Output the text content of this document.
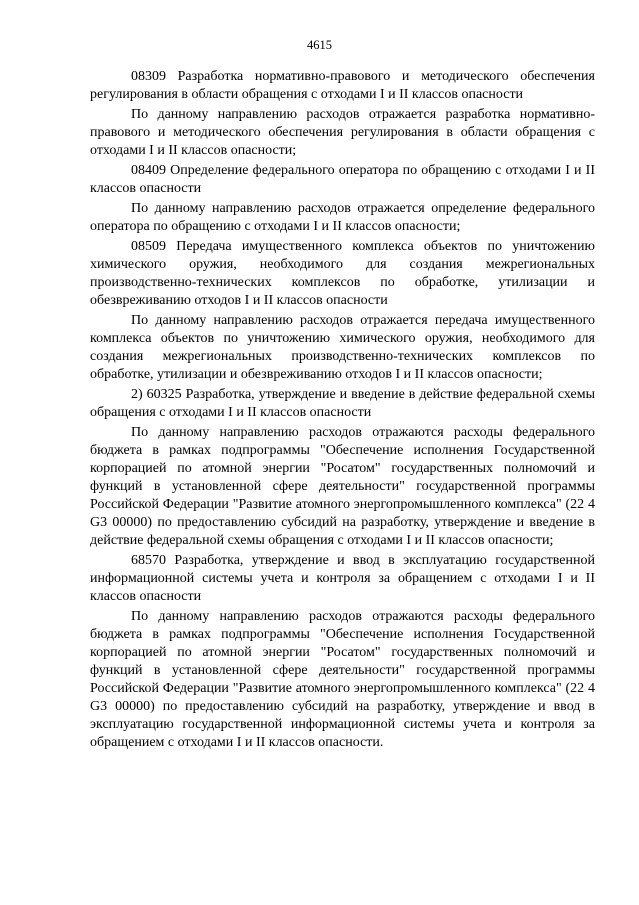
4615

08309 Разработка нормативно-правового и методического обеспечения регулирования в области обращения с отходами I и II классов опасности

По данному направлению расходов отражается разработка нормативно-правового и методического обеспечения регулирования в области обращения с отходами I и II классов опасности;

08409 Определение федерального оператора по обращению с отходами I и II классов опасности

По данному направлению расходов отражается определение федерального оператора по обращению с отходами I и II классов опасности;

08509 Передача имущественного комплекса объектов по уничтожению химического оружия, необходимого для создания межрегиональных производственно-технических комплексов по обработке, утилизации и обезвреживанию отходов I и II классов опасности

По данному направлению расходов отражается передача имущественного комплекса объектов по уничтожению химического оружия, необходимого для создания межрегиональных производственно-технических комплексов по обработке, утилизации и обезвреживанию отходов I и II классов опасности;

2) 60325 Разработка, утверждение и введение в действие федеральной схемы обращения с отходами I и II классов опасности

По данному направлению расходов отражаются расходы федерального бюджета в рамках подпрограммы "Обеспечение исполнения Государственной корпорацией по атомной энергии "Росатом" государственных полномочий и функций в установленной сфере деятельности" государственной программы Российской Федерации "Развитие атомного энергопромышленного комплекса" (22 4 G3 00000) по предоставлению субсидий на разработку, утверждение и введение в действие федеральной схемы обращения с отходами I и II классов опасности;

68570 Разработка, утверждение и ввод в эксплуатацию государственной информационной системы учета и контроля за обращением с отходами I и II классов опасности

По данному направлению расходов отражаются расходы федерального бюджета в рамках подпрограммы "Обеспечение исполнения Государственной корпорацией по атомной энергии "Росатом" государственных полномочий и функций в установленной сфере деятельности" государственной программы Российской Федерации "Развитие атомного энергопромышленного комплекса" (22 4 G3 00000) по предоставлению субсидий на разработку, утверждение и ввод в эксплуатацию государственной информационной системы учета и контроля за обращением с отходами I и II классов опасности.
